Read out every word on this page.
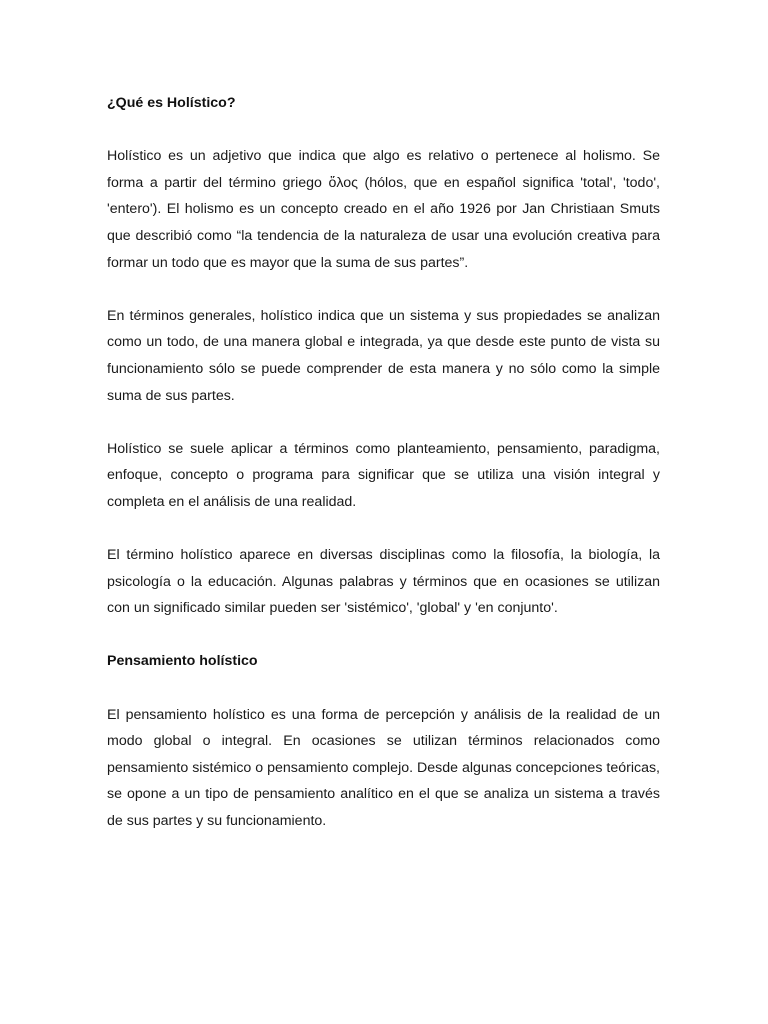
¿Qué es Holístico?

Holístico es un adjetivo que indica que algo es relativo o pertenece al holismo. Se forma a partir del término griego ὅλος (hólos, que en español significa 'total', 'todo', 'entero'). El holismo es un concepto creado en el año 1926 por Jan Christiaan Smuts que describió como “la tendencia de la naturaleza de usar una evolución creativa para formar un todo que es mayor que la suma de sus partes”.

En términos generales, holístico indica que un sistema y sus propiedades se analizan como un todo, de una manera global e integrada, ya que desde este punto de vista su funcionamiento sólo se puede comprender de esta manera y no sólo como la simple suma de sus partes.

Holístico se suele aplicar a términos como planteamiento, pensamiento, paradigma, enfoque, concepto o programa para significar que se utiliza una visión integral y completa en el análisis de una realidad.

El término holístico aparece en diversas disciplinas como la filosofía, la biología, la psicología o la educación. Algunas palabras y términos que en ocasiones se utilizan con un significado similar pueden ser 'sistémico', 'global' y 'en conjunto'.

Pensamiento holístico

El pensamiento holístico es una forma de percepción y análisis de la realidad de un modo global o integral. En ocasiones se utilizan términos relacionados como pensamiento sistémico o pensamiento complejo. Desde algunas concepciones teóricas, se opone a un tipo de pensamiento analítico en el que se analiza un sistema a través de sus partes y su funcionamiento.
